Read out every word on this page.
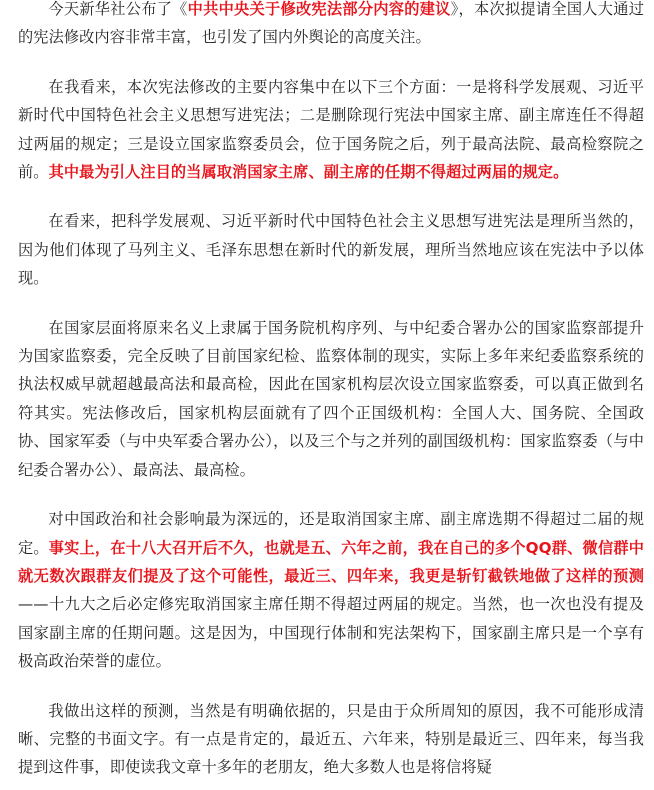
今天新华社公布了《中共中央关于修改宪法部分内容的建议》，本次拟提请全国人大通过的宪法修改内容非常丰富，也引发了国内外舆论的高度关注。

在我看来，本次宪法修改的主要内容集中在以下三个方面：一是将科学发展观、习近平新时代中国特色社会主义思想写进宪法；二是删除现行宪法中国家主席、副主席连任不得超过两届的规定；三是设立国家监察委员会，位于国务院之后，列于最高法院、最高检察院之前。其中最为引人注目的当属取消国家主席、副主席的任期不得超过两届的规定。

在看来，把科学发展观、习近平新时代中国特色社会主义思想写进宪法是理所当然的，因为他们体现了马列主义、毛泽东思想在新时代的新发展，理所当然地应该在宪法中予以体现。

在国家层面将原来名义上隶属于国务院机构序列、与中纪委合署办公的国家监察部提升为国家监察委，完全反映了目前国家纪检、监察体制的现实，实际上多年来纪委监察系统的执法权威早就超越最高法和最高检，因此在国家机构层次设立国家监察委，可以真正做到名符其实。宪法修改后，国家机构层面就有了四个正国级机构：全国人大、国务院、全国政协、国家军委（与中央军委合署办公），以及三个与之并列的副国级机构：国家监察委（与中纪委合署办公）、最高法、最高检。

对中国政治和社会影响最为深远的，还是取消国家主席、副主席选期不得超过二届的规定。事实上，在十八大召开后不久，也就是五、六年之前，我在自己的多个QQ群、微信群中就无数次跟群友们提及了这个可能性，最近三、四年来，我更是斩钉截铁地做了这样的预测——十九大之后必定修宪取消国家主席任期不得超过两届的规定。当然，也一次也没有提及国家副主席的任期问题。这是因为，中国现行体制和宪法架构下，国家副主席只是一个享有极高政治荣誉的虚位。

我做出这样的预测，当然是有明确依据的，只是由于众所周知的原因，我不可能形成清晰、完整的书面文字。有一点是肯定的，最近五、六年来，特别是最近三、四年来，每当我提到这件事，即使读我文章十多年的老朋友，绝大多数人也是将信将疑
